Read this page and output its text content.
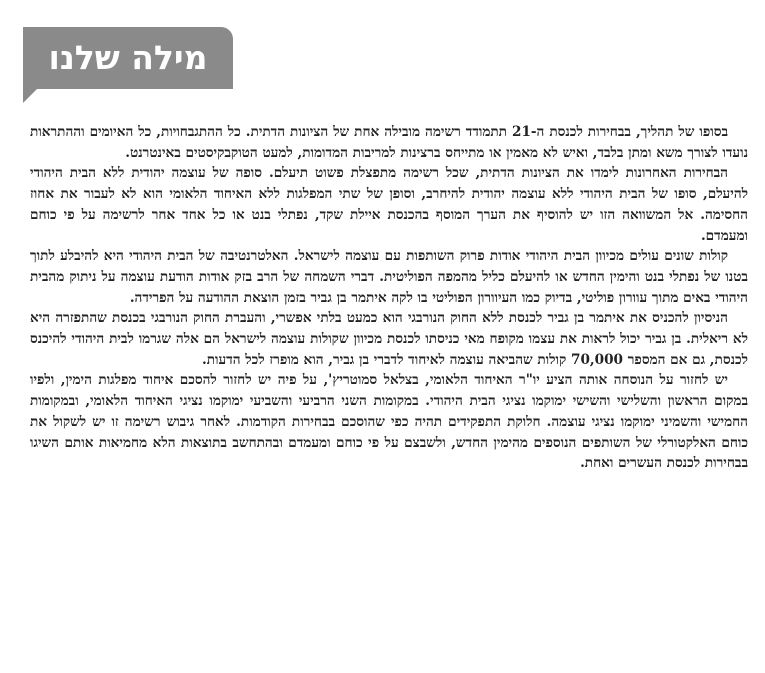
מילה שלנו

בסופו של תהליך, בבחירות לכנסת ה-21 תתמודד רשימה מובילה אחת של הציונות הדתית. כל ההתגבחויות, כל האיומים וההתראות נועדו לצורך משא ומתן בלבד, ואיש לא מאמין או מתייחס ברצינות למריבות המדומות, למעט הטוקבקיסטים באינטרנט.

הבחירות האחרונות לימדו את הציונות הדתית, שכל רשימה מתפצלת פשוט תיעלם. סופה של עוצמה יהודית ללא הבית היהודי להיעלם, סופו של הבית היהודי ללא עוצמה יהודית להיחרב, וסופן של שתי המפלגות ללא האיחוד הלאומי הוא לא לעבור את אחוז החסימה. אל המשוואה הזו יש להוסיף את הערך המוסף בהכנסת איילת שקד, נפתלי בנט או כל אחד אחר לרשימה על פי כוחם ומעמדם.

קולות שונים עולים מכיוון הבית היהודי אודות פרוק השותפות עם עוצמה לישראל. האלטרנטיבה של הבית היהודי היא להיבלע לתוך בטנו של נפתלי בנט והימין החדש או להיעלם כליל מהמפה הפוליטית. דברי השמחה של הרב בזק אודות הודעת עוצמה על ניתוק מהבית היהודי באים מתוך עוורון פוליטי, בדיוק כמו העיוורון הפוליטי בו לקה איתמר בן גביר בזמן הוצאת ההודעה על הפרידה.

הניסיון להכניס את איתמר בן גביר לכנסת ללא החוק הנורבגי הוא כמעט בלתי אפשרי, והעברת החוק הנורבגי בכנסת שהתפזרה היא לא ריאלית. בן גביר יכול לראות את עצמו מקופח מאי כניסתו לכנסת מכיוון שקולות עוצמה לישראל הם אלה שגרמו לבית היהודי להיכנס לכנסת, גם אם המספר 70,000 קולות שהביאה עוצמה לאיחוד לדברי בן גביר, הוא מופרז לכל הדעות.

יש לחזור על הנוסחה אותה הציע יו"ר האיחוד הלאומי, בצלאל סמוטריץ', על פיה יש לחזור להסכם איחוד מפלגות הימין, ולפיו במקום הראשון והשלישי והשישי ימוקמו נציגי הבית היהודי. במקומות השני הרביעי והשביעי ימוקמו נציגי האיחוד הלאומי, ובמקומות החמישי והשמיני ימוקמו נציגי עוצמה. חלוקת התפקידים תהיה כפי שהוסכם בבחירות הקודמות. לאחר גיבוש רשימה זו יש לשקול את כוחם האלקטורלי של השותפים הנוספים מהימין החדש, ולשבצם על פי כוחם ומעמדם ובהתחשב בתוצאות הלא מחמיאות אותם השיגו בבחירות לכנסת העשרים ואחת.
